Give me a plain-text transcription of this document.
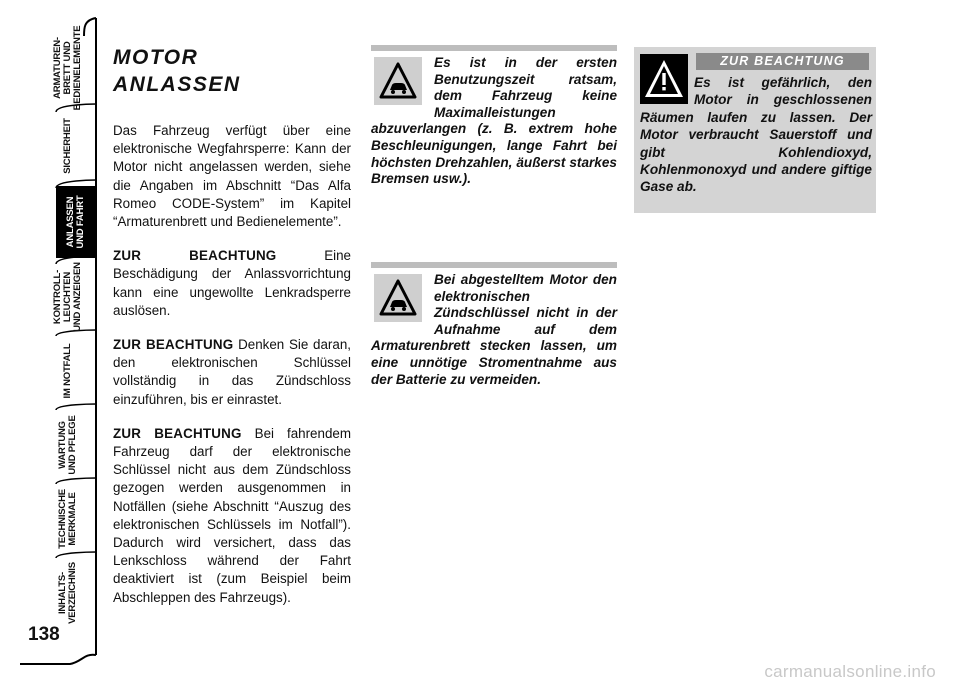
ARMATUREN-
BRETT UND
BEDIENELEMENTE
SICHERHEIT
ANLASSEN
UND FAHRT
KONTROLL-
LEUCHTEN
UND ANZEIGEN
IM NOTFALL
WARTUNG
UND PFLEGE
TECHNISCHE
MERKMALE
INHALTS-
VERZEICHNIS
138
MOTOR
ANLASSEN

Das Fahrzeug verfügt über eine elektronische Wegfahrsperre: Kann der Motor nicht angelassen werden, siehe die Angaben im Abschnitt “Das Alfa Romeo CODE-System” im Kapitel “Armaturenbrett und Bedienelemente”.

ZUR BEACHTUNG Eine Beschädigung der Anlassvorrichtung kann eine ungewollte Lenkradsperre auslösen.

ZUR BEACHTUNG Denken Sie daran, den elektronischen Schlüssel vollständig in das Zündschloss einzuführen, bis er einrastet.

ZUR BEACHTUNG Bei fahrendem Fahrzeug darf der elektronische Schlüssel nicht aus dem Zündschloss gezogen werden ausgenommen in Notfällen (siehe Abschnitt “Auszug des elektronischen Schlüssels im Notfall”). Dadurch wird versichert, dass das Lenkschloss während der Fahrt deaktiviert ist (zum Beispiel beim Abschleppen des Fahrzeugs).

Es ist in der ersten Benutzungszeit ratsam, dem Fahrzeug keine Maximalleistungen abzuverlangen (z. B. extrem hohe Beschleunigungen, lange Fahrt bei höchsten Drehzahlen, äußerst starkes Bremsen usw.).
Bei abgestelltem Motor den elektronischen Zündschlüssel nicht in der Aufnahme auf dem Armaturenbrett stecken lassen, um eine unnötige Stromentnahme aus der Batterie zu vermeiden.
ZUR BEACHTUNG
Es ist gefährlich, den Motor in geschlossenen Räumen laufen zu lassen. Der Motor verbraucht Sauerstoff und gibt Kohlendioxyd, Kohlenmonoxyd und andere giftige Gase ab.
carmanualsonline.info
